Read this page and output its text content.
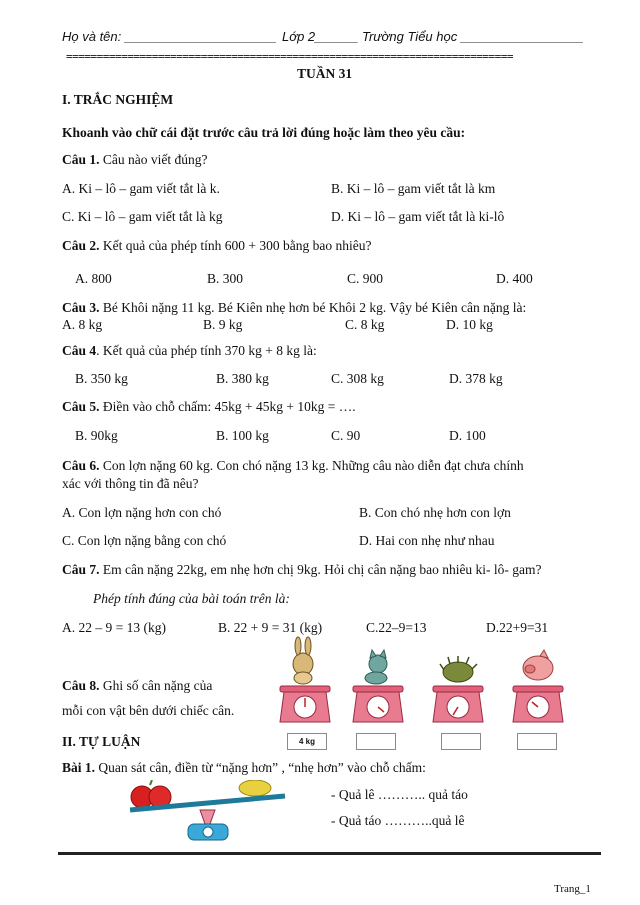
Họ và tên: _____________________ Lớp 2______ Trường Tiểu học _________________
=========================================================================
TUẦN 31
I. TRẮC NGHIỆM
Khoanh vào chữ cái đặt trước câu trả lời đúng hoặc làm theo yêu cầu:
Câu 1. Câu nào viết đúng?
A. Ki – lô – gam viết tắt là k.	B. Ki – lô – gam viết tắt là km
C. Ki – lô – gam viết tắt là kg	D. Ki – lô – gam viết tắt là ki-lô
Câu 2. Kết quả của phép tính 600 + 300 bằng bao nhiêu?
A. 800	B. 300	C. 900	D. 400
Câu 3. Bé Khôi nặng 11 kg. Bé Kiên nhẹ hơn bé Khôi 2 kg. Vậy bé Kiên cân nặng là:
A. 8 kg	B. 9 kg	C. 8 kg	D. 10 kg
Câu 4. Kết quả của phép tính 370 kg + 8 kg là:
B. 350 kg	B. 380 kg	C. 308 kg	D. 378 kg
Câu 5. Điền vào chỗ chấm: 45kg + 45kg + 10kg = ….
B. 90kg	B. 100 kg	C. 90	D. 100
Câu 6. Con lợn nặng 60 kg. Con chó nặng 13 kg. Những câu nào diễn đạt chưa chính
xác với thông tin đã nêu?
A. Con lợn nặng hơn con chó	B. Con chó nhẹ hơn con lợn
C. Con lợn nặng bằng con chó	D. Hai con nhẹ như nhau
Câu 7. Em cân nặng 22kg, em nhẹ hơn chị 9kg. Hỏi chị cân nặng bao nhiêu ki- lô- gam?
Phép tính đúng của bài toán trên là:
A. 22 – 9 = 13 (kg)	B. 22 + 9 = 31 (kg)	C.22–9=13	D.22+9=31
Câu 8. Ghi số cân nặng của
mỗi con vật bên dưới chiếc cân.
4 kg
II. TỰ LUẬN
Bài 1. Quan sát cân, điền từ “nặng hơn” , “nhẹ hơn” vào chỗ chấm:
- Quả lê ……….. quả táo
- Quả táo ………..quả lê
Trang_1
